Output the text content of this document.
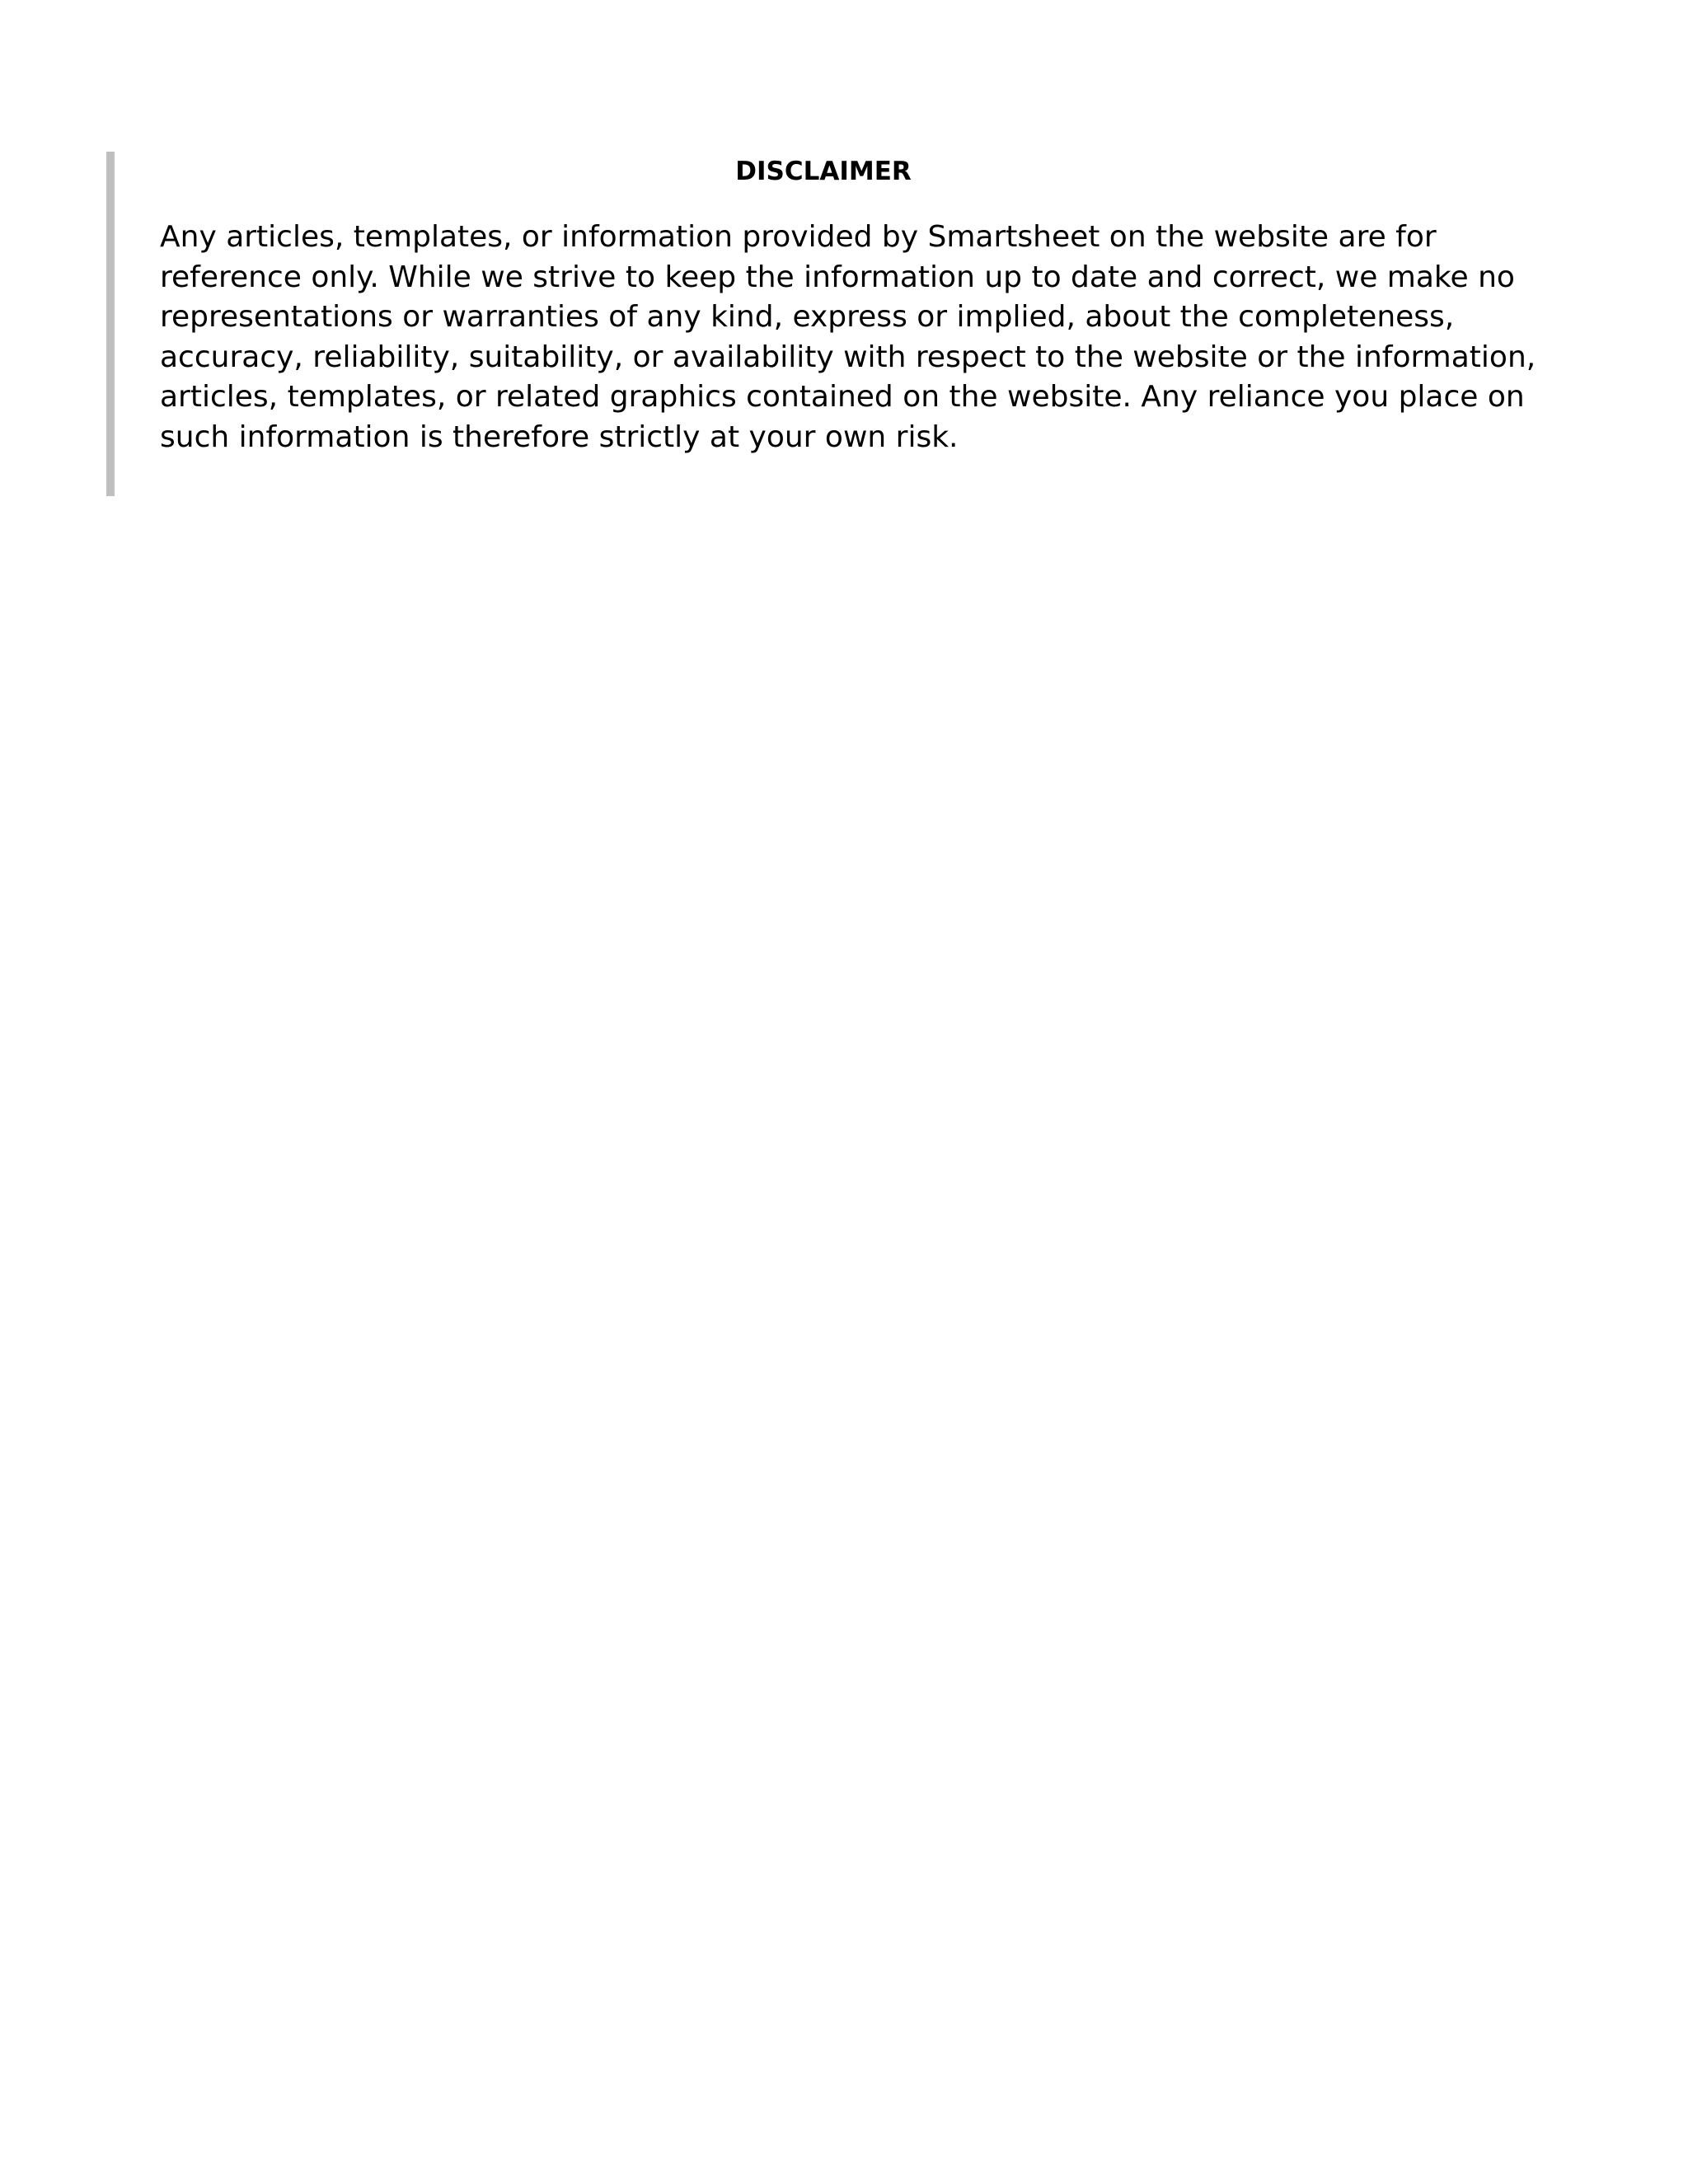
DISCLAIMER

Any articles, templates, or information provided by Smartsheet on the website are for reference only. While we strive to keep the information up to date and correct, we make no representations or warranties of any kind, express or implied, about the completeness, accuracy, reliability, suitability, or availability with respect to the website or the information, articles, templates, or related graphics contained on the website. Any reliance you place on such information is therefore strictly at your own risk.
